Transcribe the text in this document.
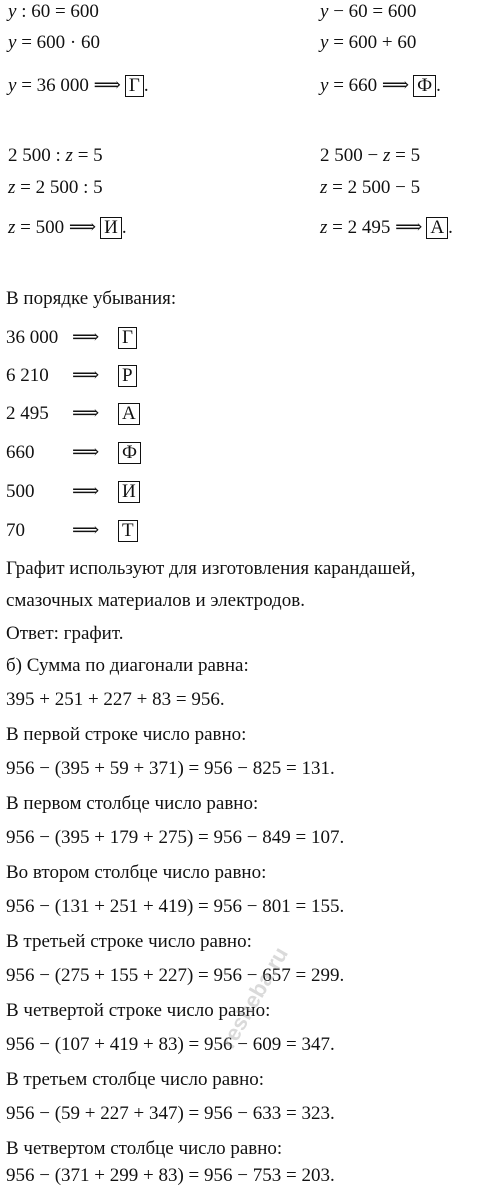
y : 60 = 600
y = 600 · 60
y = 36 000 ⟹ Г .
y − 60 = 600
y = 600 + 60
y = 660 ⟹ Ф .
2 500 : z = 5
z = 2 500 : 5
z = 500 ⟹ И .
2 500 − z = 5
z = 2 500 − 5
z = 2 495 ⟹ А .
В порядке убывания:
36 000 ⟹ Г
6 210 ⟹ Р
2 495 ⟹ А
660 ⟹ Ф
500 ⟹ И
70 ⟹ Т
Графит используют для изготовления карандашей,
смазочных материалов и электродов.
Ответ: графит.
б) Сумма по диагонали равна:
395 + 251 + 227 + 83 = 956.
В первой строке число равно:
956 − (395 + 59 + 371) = 956 − 825 = 131.
В первом столбце число равно:
956 − (395 + 179 + 275) = 956 − 849 = 107.
Во втором столбце число равно:
956 − (131 + 251 + 419) = 956 − 801 = 155.
В третьей строке число равно:
956 − (275 + 155 + 227) = 956 − 657 = 299.
В четвертой строке число равно:
956 − (107 + 419 + 83) = 956 − 609 = 347.
В третьем столбце число равно:
956 − (59 + 227 + 347) = 956 − 633 = 323.
В четвертом столбце число равно:
956 − (371 + 299 + 83) = 956 − 753 = 203.
resheba.ru
